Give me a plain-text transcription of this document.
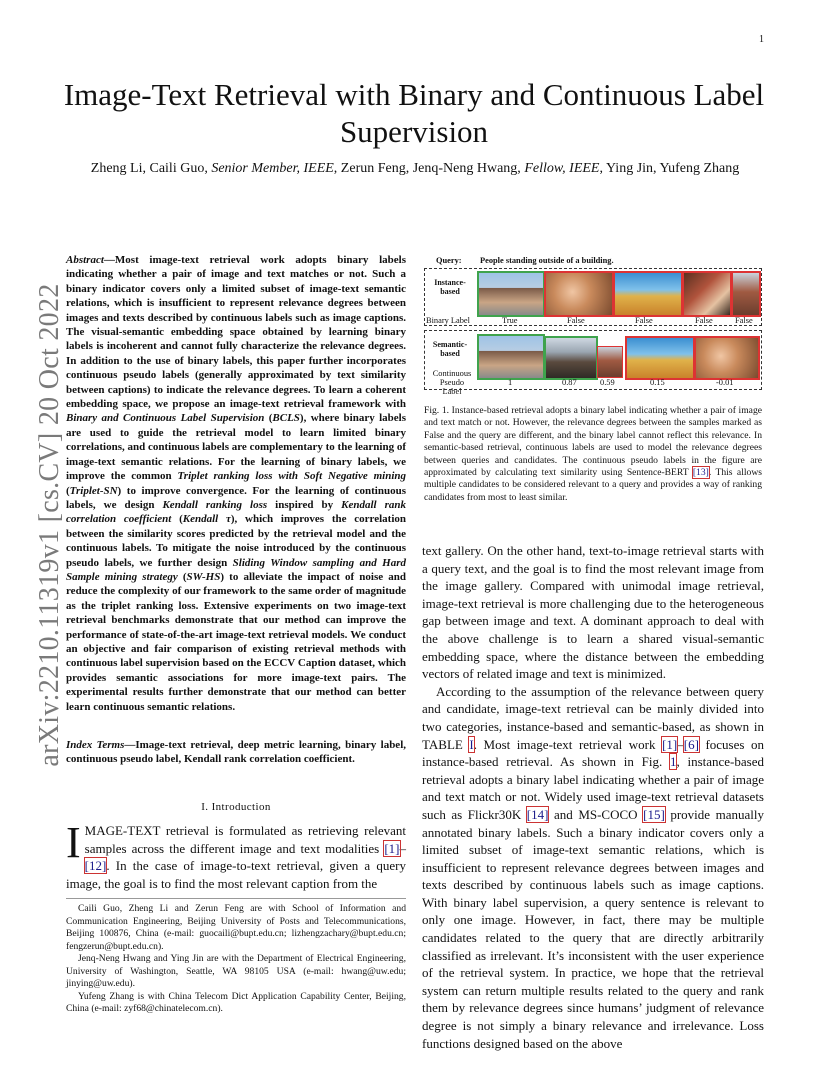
1
arXiv:2210.11319v1 [cs.CV] 20 Oct 2022
Image-Text Retrieval with Binary and Continuous Label Supervision
Zheng Li, Caili Guo, Senior Member, IEEE, Zerun Feng, Jenq-Neng Hwang, Fellow, IEEE, Ying Jin, Yufeng Zhang
Abstract—Most image-text retrieval work adopts binary labels indicating whether a pair of image and text matches or not. Such a binary indicator covers only a limited subset of image-text semantic relations, which is insufficient to represent relevance degrees between images and texts described by continuous labels such as image captions. The visual-semantic embedding space obtained by learning binary labels is incoherent and cannot fully characterize the relevance degrees. In addition to the use of binary labels, this paper further incorporates continuous pseudo labels (generally approximated by text similarity between captions) to indicate the relevance degrees. To learn a coherent embedding space, we propose an image-text retrieval framework with Binary and Continuous Label Supervision (BCLS), where binary labels are used to guide the retrieval model to learn limited binary correlations, and continuous labels are complementary to the learning of image-text semantic relations. For the learning of binary labels, we improve the common Triplet ranking loss with Soft Negative mining (Triplet-SN) to improve convergence. For the learning of continuous labels, we design Kendall ranking loss inspired by Kendall rank correlation coefficient (Kendall τ), which improves the correlation between the similarity scores predicted by the retrieval model and the continuous labels. To mitigate the noise introduced by the continuous pseudo labels, we further design Sliding Window sampling and Hard Sample mining strategy (SW-HS) to alleviate the impact of noise and reduce the complexity of our framework to the same order of magnitude as the triplet ranking loss. Extensive experiments on two image-text retrieval benchmarks demonstrate that our method can improve the performance of state-of-the-art image-text retrieval models. We conduct an objective and fair comparison of existing retrieval methods with continuous label supervision based on the ECCV Caption dataset, which provides semantic associations for more image-text pairs. The experimental results further demonstrate that our method can better learn continuous semantic relations.
Index Terms—Image-text retrieval, deep metric learning, binary label, continuous pseudo label, Kendall rank correlation coefficient.
I. Introduction
IMAGE-TEXT retrieval is formulated as retrieving relevant samples across the different image and text modalities [1]–[12]. In the case of image-to-text retrieval, given a query image, the goal is to find the most relevant caption from the

Caili Guo, Zheng Li and Zerun Feng are with School of Information and Communication Engineering, Beijing University of Posts and Telecommunications, Beijing 100876, China (e-mail: guocaili@bupt.edu.cn; lizhengzachary@bupt.edu.cn; fengzerun@bupt.edu.cn).

Jenq-Neng Hwang and Ying Jin are with the Department of Electrical Engineering, University of Washington, Seattle, WA 98105 USA (e-mail: hwang@uw.edu; jinying@uw.edu).

Yufeng Zhang is with China Telecom Dict Application Capability Center, Beijing, China (e-mail: zyf68@chinatelecom.cn).

Query: People standing outside of a building.
Instance-based
Binary Label	True	False	False	False	False
Semantic-based
Continuous Pseudo Label
1	0.87	0.59	0.15	-0.01
Fig. 1. Instance-based retrieval adopts a binary label indicating whether a pair of image and text match or not. However, the relevance degrees between the samples marked as False and the query are different, and the binary label cannot reflect this relevance. In semantic-based retrieval, continuous labels are used to model the relevance degrees between queries and candidates. The continuous pseudo labels in the figure are approximated by calculating text similarity using Sentence-BERT [13]. This allows multiple candidates to be considered relevant to a query and provides a way of ranking candidates from most to least similar.

text gallery. On the other hand, text-to-image retrieval starts with a query text, and the goal is to find the most relevant image from the image gallery. Compared with unimodal image retrieval, image-text retrieval is more challenging due to the heterogeneous gap between image and text. A dominant approach to deal with the above challenge is to learn a shared visual-semantic embedding space, where the distance between the embedding vectors of related image and text is minimized.

According to the assumption of the relevance between query and candidate, image-text retrieval can be mainly divided into two categories, instance-based and semantic-based, as shown in TABLE I. Most image-text retrieval work [1]–[6] focuses on instance-based retrieval. As shown in Fig. 1, instance-based retrieval adopts a binary label indicating whether a pair of image and text match or not. Widely used image-text retrieval datasets such as Flickr30K [14] and MS-COCO [15] provide manually annotated binary labels. Such a binary indicator covers only a limited subset of image-text semantic relations, which is insufficient to represent relevance degrees between images and texts described by continuous labels such as image captions. With binary label supervision, a query sentence is relevant to only one image. However, in fact, there may be multiple candidates related to the query that are directly arbitrarily classified as irrelevant. It’s inconsistent with the user experience of the retrieval system. In practice, we hope that the retrieval system can return multiple results related to the query and rank them by relevance degrees since humans’ judgment of relevance degree is not simply a binary relevance and irrelevance. Loss functions designed based on the above
